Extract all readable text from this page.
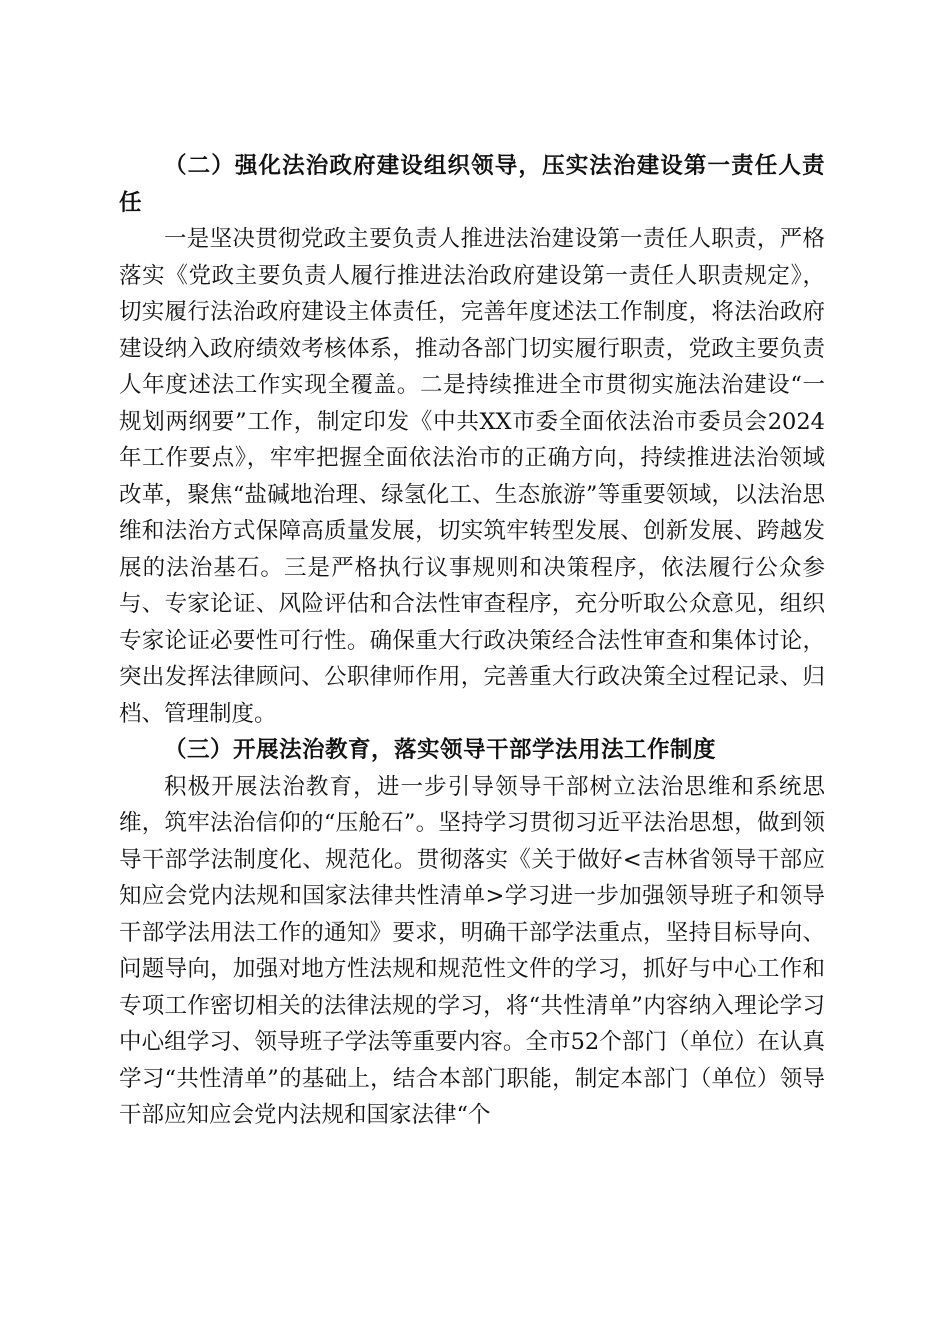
（二）强化法治政府建设组织领导，压实法治建设第一责任人责任

一是坚决贯彻党政主要负责人推进法治建设第一责任人职责，严格落实《党政主要负责人履行推进法治政府建设第一责任人职责规定》，切实履行法治政府建设主体责任，完善年度述法工作制度，将法治政府建设纳入政府绩效考核体系，推动各部门切实履行职责，党政主要负责人年度述法工作实现全覆盖。二是持续推进全市贯彻实施法治建设“一规划两纲要”工作，制定印发《中共XX市委全面依法治市委员会2024年工作要点》，牢牢把握全面依法治市的正确方向，持续推进法治领域改革，聚焦“盐碱地治理、绿氢化工、生态旅游”等重要领域，以法治思维和法治方式保障高质量发展，切实筑牢转型发展、创新发展、跨越发展的法治基石。三是严格执行议事规则和决策程序，依法履行公众参与、专家论证、风险评估和合法性审查程序，充分听取公众意见，组织专家论证必要性可行性。确保重大行政决策经合法性审查和集体讨论，突出发挥法律顾问、公职律师作用，完善重大行政决策全过程记录、归档、管理制度。

（三）开展法治教育，落实领导干部学法用法工作制度

积极开展法治教育，进一步引导领导干部树立法治思维和系统思维，筑牢法治信仰的“压舱石”。坚持学习贯彻习近平法治思想，做到领导干部学法制度化、规范化。贯彻落实《关于做好<吉林省领导干部应知应会党内法规和国家法律共性清单>学习进一步加强领导班子和领导干部学法用法工作的通知》要求，明确干部学法重点，坚持目标导向、问题导向，加强对地方性法规和规范性文件的学习，抓好与中心工作和专项工作密切相关的法律法规的学习，将“共性清单”内容纳入理论学习中心组学习、领导班子学法等重要内容。全市52个部门（单位）在认真学习“共性清单”的基础上，结合本部门职能，制定本部门（单位）领导干部应知应会党内法规和国家法律“个
